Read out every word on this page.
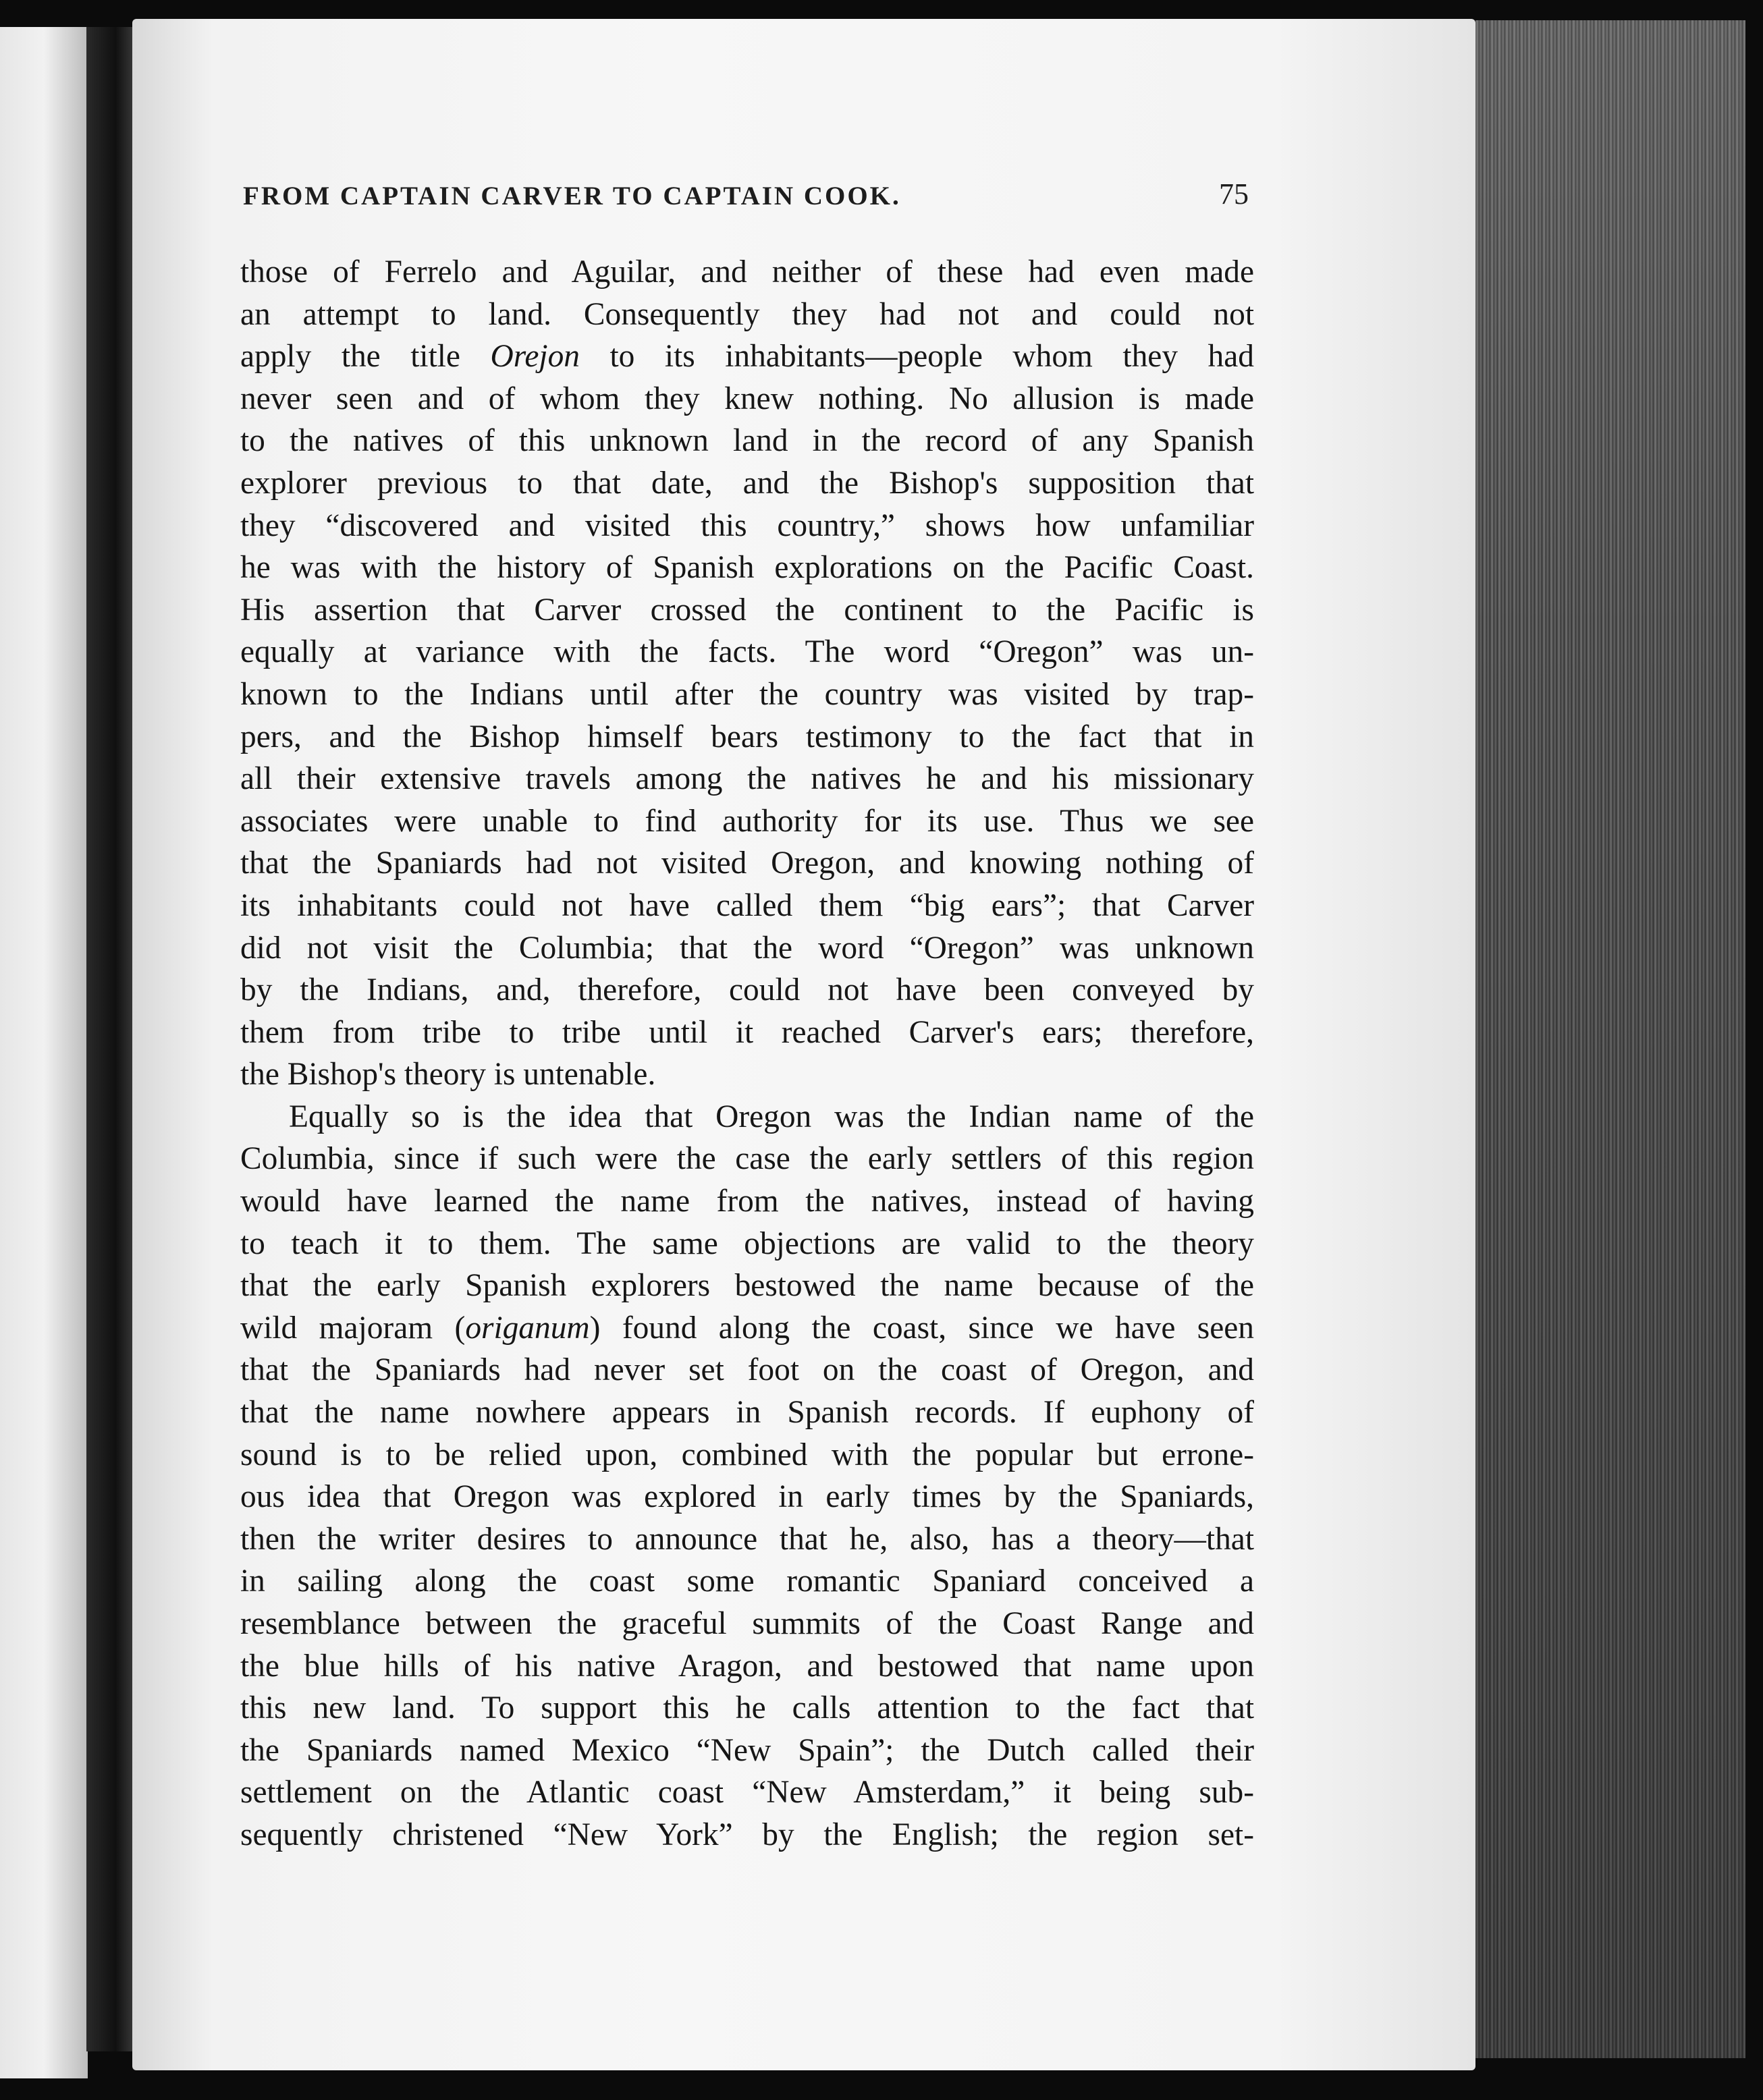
FROM CAPTAIN CARVER TO CAPTAIN COOK.	75
those of Ferrelo and Aguilar, and neither of these had even made
an attempt to land. Consequently they had not and could not
apply the title Orejon to its inhabitants—people whom they had
never seen and of whom they knew nothing. No allusion is made
to the natives of this unknown land in the record of any Spanish
explorer previous to that date, and the Bishop's supposition that
they “discovered and visited this country,” shows how unfamiliar
he was with the history of Spanish explorations on the Pacific Coast.
His assertion that Carver crossed the continent to the Pacific is
equally at variance with the facts. The word “Oregon” was un-
known to the Indians until after the country was visited by trap-
pers, and the Bishop himself bears testimony to the fact that in
all their extensive travels among the natives he and his missionary
associates were unable to find authority for its use. Thus we see
that the Spaniards had not visited Oregon, and knowing nothing of
its inhabitants could not have called them “big ears”; that Carver
did not visit the Columbia; that the word “Oregon” was unknown
by the Indians, and, therefore, could not have been conveyed by
them from tribe to tribe until it reached Carver's ears; therefore,
the Bishop's theory is untenable.
Equally so is the idea that Oregon was the Indian name of the
Columbia, since if such were the case the early settlers of this region
would have learned the name from the natives, instead of having
to teach it to them. The same objections are valid to the theory
that the early Spanish explorers bestowed the name because of the
wild majoram (origanum) found along the coast, since we have seen
that the Spaniards had never set foot on the coast of Oregon, and
that the name nowhere appears in Spanish records. If euphony of
sound is to be relied upon, combined with the popular but errone-
ous idea that Oregon was explored in early times by the Spaniards,
then the writer desires to announce that he, also, has a theory—that
in sailing along the coast some romantic Spaniard conceived a
resemblance between the graceful summits of the Coast Range and
the blue hills of his native Aragon, and bestowed that name upon
this new land. To support this he calls attention to the fact that
the Spaniards named Mexico “New Spain”; the Dutch called their
settlement on the Atlantic coast “New Amsterdam,” it being sub-
sequently christened “New York” by the English; the region set-
